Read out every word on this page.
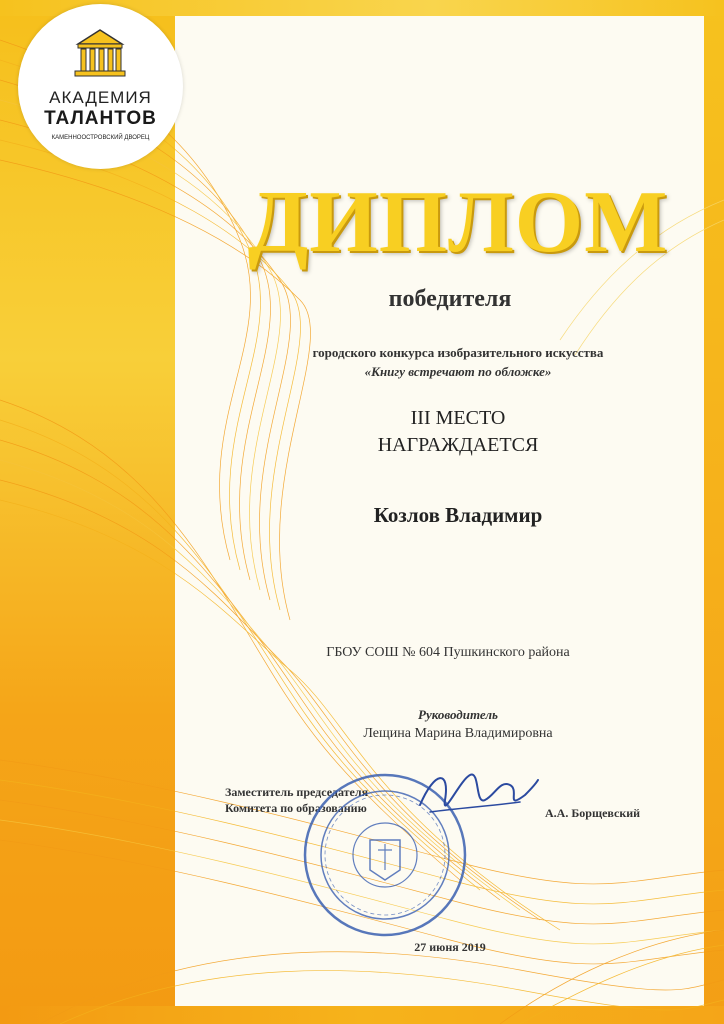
АКАДЕМИЯ
ТАЛАНТОВ
КАМЕННООСТРОВСКИЙ ДВОРЕЦ
ДИПЛОМ
победителя
городского конкурса изобразительного искусства
«Книгу встречают по обложке»
III МЕСТО
НАГРАЖДАЕТСЯ
Козлов Владимир
ГБОУ СОШ № 604 Пушкинского района
Руководитель
Лещина Марина Владимировна
Заместитель председателя
Комитета по образованию	А.А. Борщевский
27 июня 2019
